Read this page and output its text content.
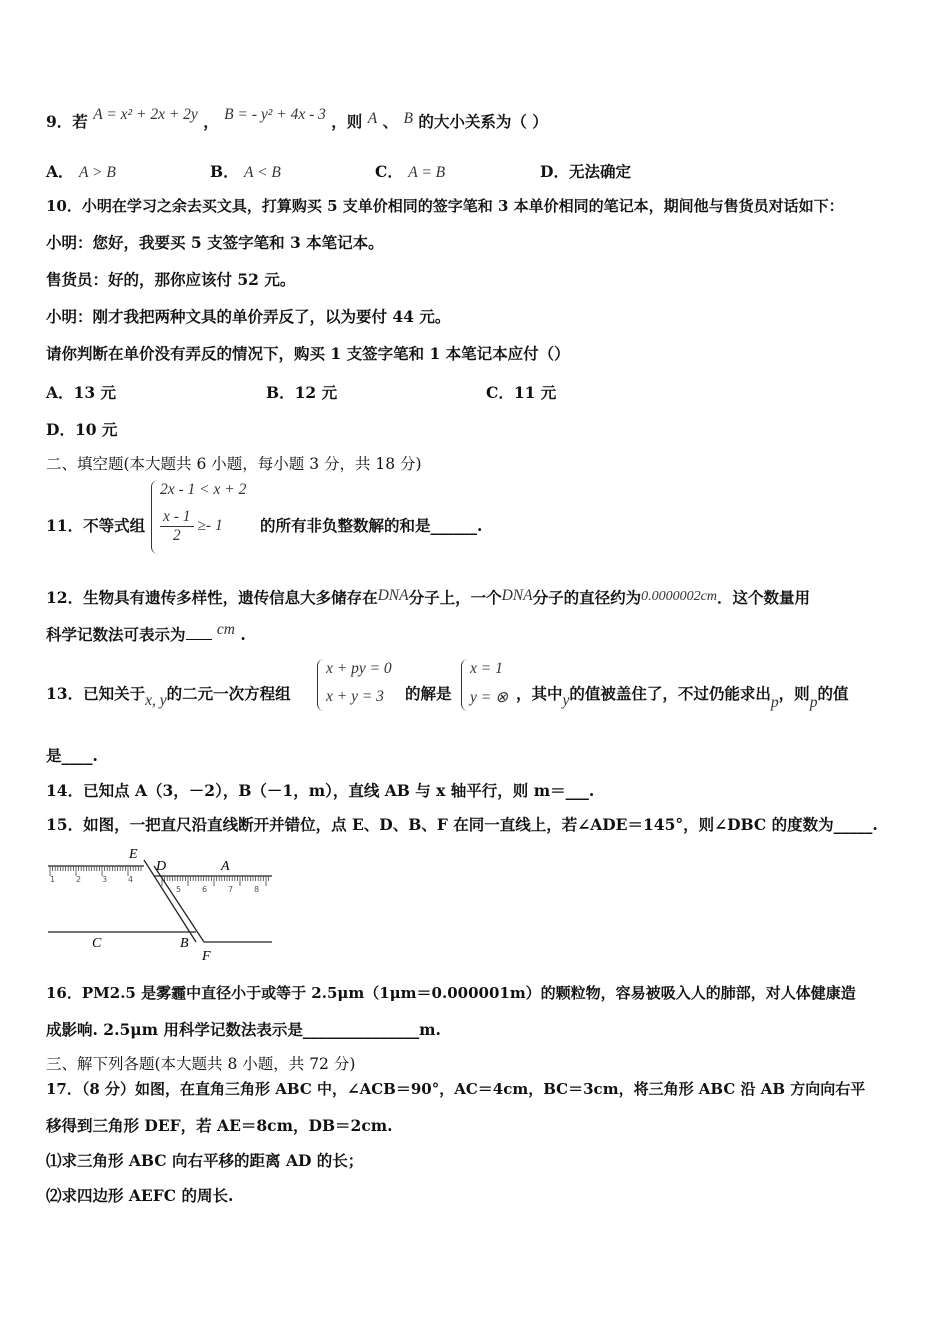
9．若 A = x² + 2x + 2y ， B = - y² + 4x - 3 ，则 A 、 B 的大小关系为（ ）
A． A > B	B． A < B	C． A = B	D．无法确定
10．小明在学习之余去买文具，打算购买 5 支单价相同的签字笔和 3 本单价相同的笔记本，期间他与售货员对话如下：
小明：您好，我要买 5 支签字笔和 3 本笔记本。
售货员：好的，那你应该付 52 元。
小明：刚才我把两种文具的单价弄反了，以为要付 44 元。
请你判断在单价没有弄反的情况下，购买 1 支签字笔和 1 本笔记本应付（）
A．13 元	B．12 元	C．11 元
D．10 元
二、填空题(本大题共 6 小题，每小题 3 分，共 18 分)
11．不等式组
2x - 1 < x + 2
$\frac{x - 1}{2} \ge- 1$ 的所有非负整数解的和是______.
12．生物具有遗传多样性，遗传信息大多储存在DNA分子上，一个DNA分子的直径约为0.0000002cm．这个数量用
科学记数法可表示为 cm .
13．已知关于x, y的二元一次方程组
x + py = 0
x + y = 3 的解是
x = 1
y = ⊗ ，其中y的值被盖住了，不过仍能求出p，则p的值
是____.
14．已知点 A（3，－2），B（－1，m），直线 AB 与 x 轴平行，则 m＝___.
15．如图，一把直尺沿直线断开并错位，点 E、D、B、F 在同一直线上，若∠ADE＝145°，则∠DBC 的度数为_____.
E
D	A
C	B
F
1	2	3	4
5	6	7	8
16．PM2.5 是雾霾中直径小于或等于 2.5μm（1μm＝0.000001m）的颗粒物，容易被吸入人的肺部，对人体健康造
成影响. 2.5μm 用科学记数法表示是_______________m.
三、解下列各题(本大题共 8 小题，共 72 分)
17．（8 分）如图，在直角三角形 ABC 中，∠ACB＝90°，AC＝4cm，BC＝3cm，将三角形 ABC 沿 AB 方向向右平
移得到三角形 DEF，若 AE＝8cm，DB＝2cm.
⑴求三角形 ABC 向右平移的距离 AD 的长；
⑵求四边形 AEFC 的周长.
